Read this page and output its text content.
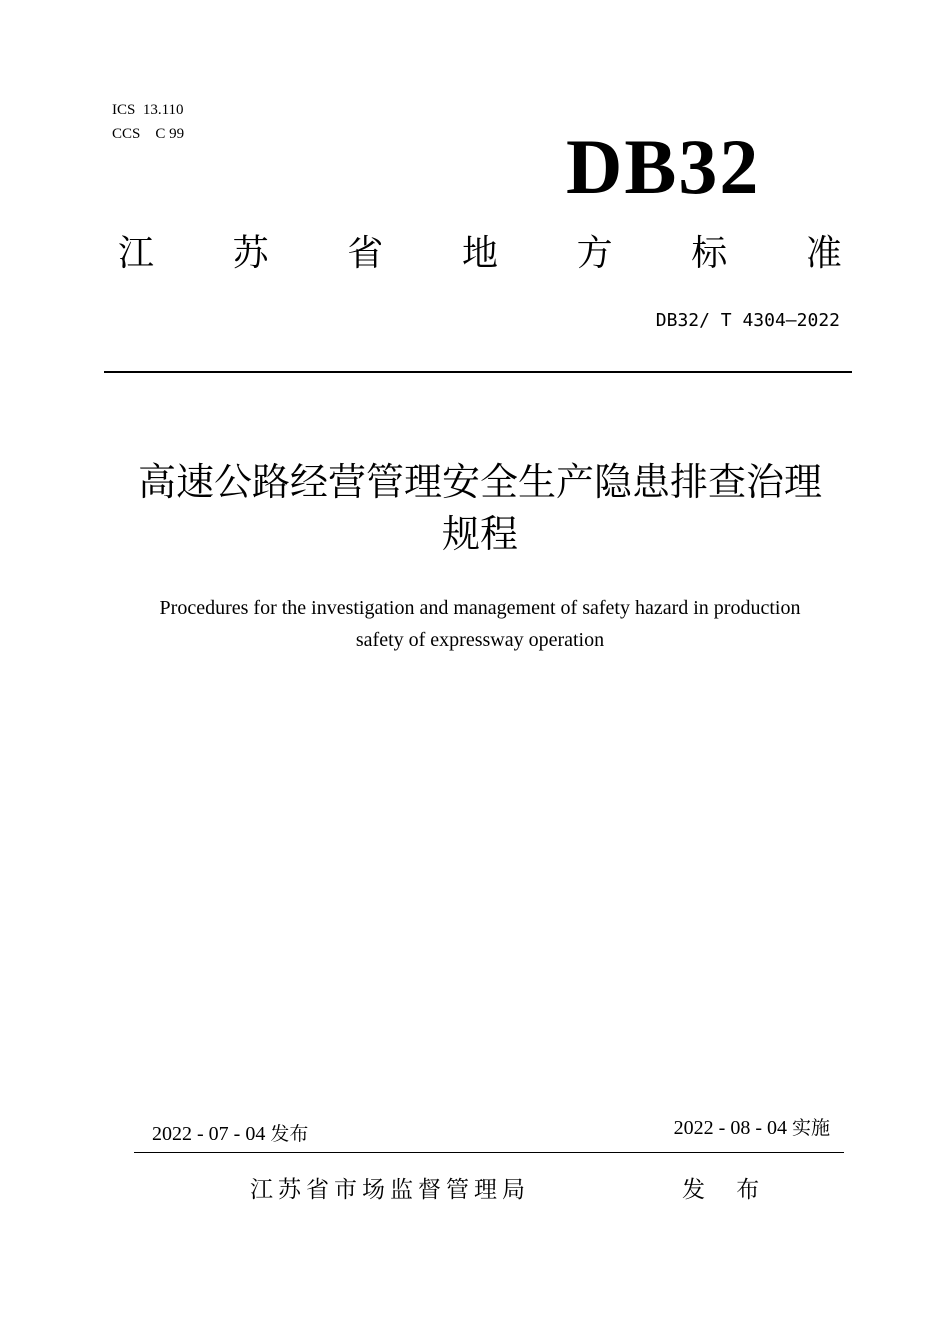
ICS  13.110
CCS    C 99	DB32
江 苏 省 地 方 标 准
DB32/ T 4304—2022
高速公路经营管理安全生产隐患排查治理
规程
Procedures for the investigation and management of safety hazard in production
safety of expressway operation
2022 - 07 - 04 发布	2022 - 08 - 04 实施
江苏省市场监督管理局	发 布
